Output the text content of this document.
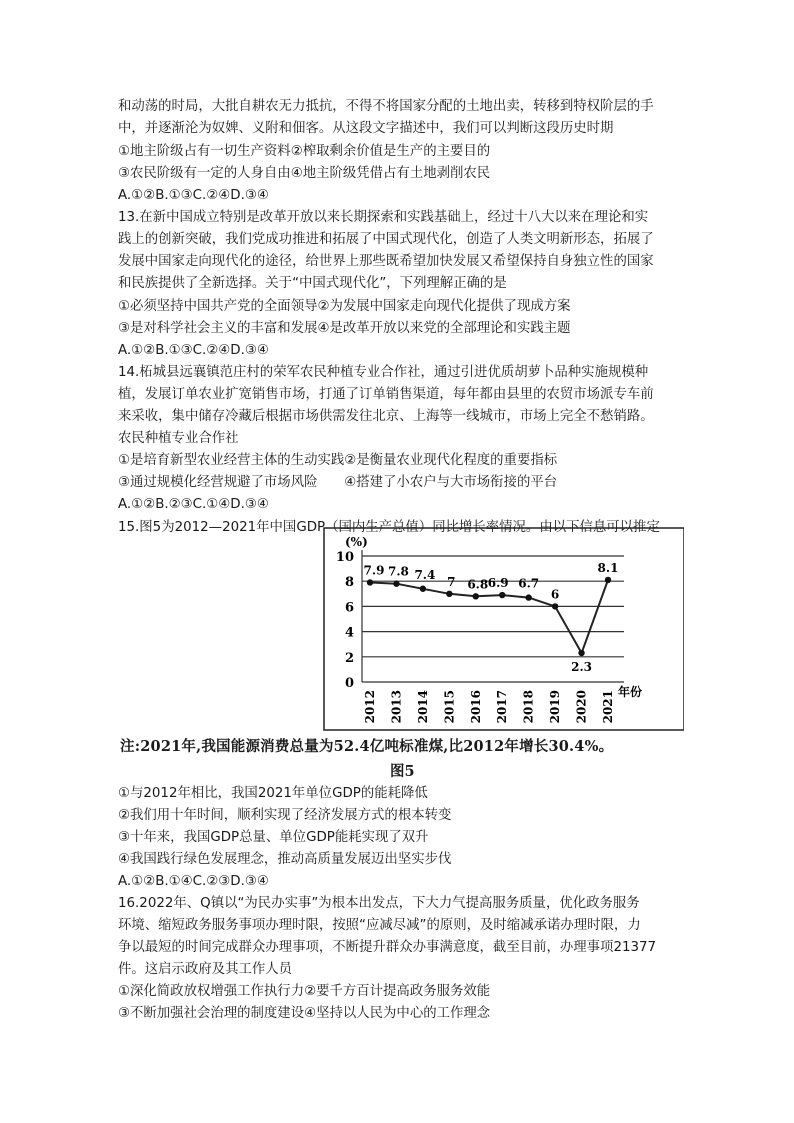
和动荡的时局，大批自耕农无力抵抗，不得不将国家分配的土地出卖，转移到特权阶层的手
中，并逐渐沦为奴婢、义附和佃客。从这段文字描述中，我们可以判断这段历史时期
①地主阶级占有一切生产资料②榨取剩余价值是生产的主要目的
③农民阶级有一定的人身自由④地主阶级凭借占有土地剥削农民
A.①②B.①③C.②④D.③④
13.在新中国成立特别是改革开放以来长期探索和实践基础上，经过十八大以来在理论和实
践上的创新突破，我们党成功推进和拓展了中国式现代化，创造了人类文明新形态，拓展了
发展中国家走向现代化的途径，给世界上那些既希望加快发展又希望保持自身独立性的国家
和民族提供了全新选择。关于“中国式现代化”，下列理解正确的是
①必须坚持中国共产党的全面领导②为发展中国家走向现代化提供了现成方案
③是对科学社会主义的丰富和发展④是改革开放以来党的全部理论和实践主题
A.①②B.①③C.②④D.③④
14.柘城县远襄镇范庄村的荣军农民种植专业合作社，通过引进优质胡萝卜品种实施规模种
植，发展订单农业扩宽销售市场，打通了订单销售渠道，每年都由县里的农贸市场派专车前
来采收，集中储存冷藏后根据市场供需发往北京、上海等一线城市，市场上完全不愁销路。
农民种植专业合作社
①是培育新型农业经营主体的生动实践②是衡量农业现代化程度的重要指标
③通过规模化经营规避了市场风险　　④搭建了小农户与大市场衔接的平台
A.①②B.②③C.①④D.③④
15.图5为2012—2021年中国GDP（国内生产总值）同比增长率情况。由以下信息可以推定
0
2
4
6
8
10
2012 2013 2014 2015 2016 2017 2018 2019 2020 2021
7.9 7.8 7.4
7 6.8 6.9 6.7
6
2.3
8.1
(%)
年份
注:2021年,我国能源消费总量为52.4亿吨标准煤,比2012年增长30.4%。
图5
①与2012年相比，我国2021年单位GDP的能耗降低
②我们用十年时间，顺利实现了经济发展方式的根本转变
③十年来，我国GDP总量、单位GDP能耗实现了双升
④我国践行绿色发展理念，推动高质量发展迈出坚实步伐
A.①②B.①④C.②③D.③④
16.2022年、Q镇以“为民办实事”为根本出发点，下大力气提高服务质量，优化政务服务
环境、缩短政务服务事项办理时限，按照“应减尽减”的原则，及时缩减承诺办理时限，力
争以最短的时间完成群众办理事项，不断提升群众办事满意度，截至目前，办理事项21377
件。这启示政府及其工作人员
①深化简政放权增强工作执行力②要千方百计提高政务服务效能
③不断加强社会治理的制度建设④坚持以人民为中心的工作理念
